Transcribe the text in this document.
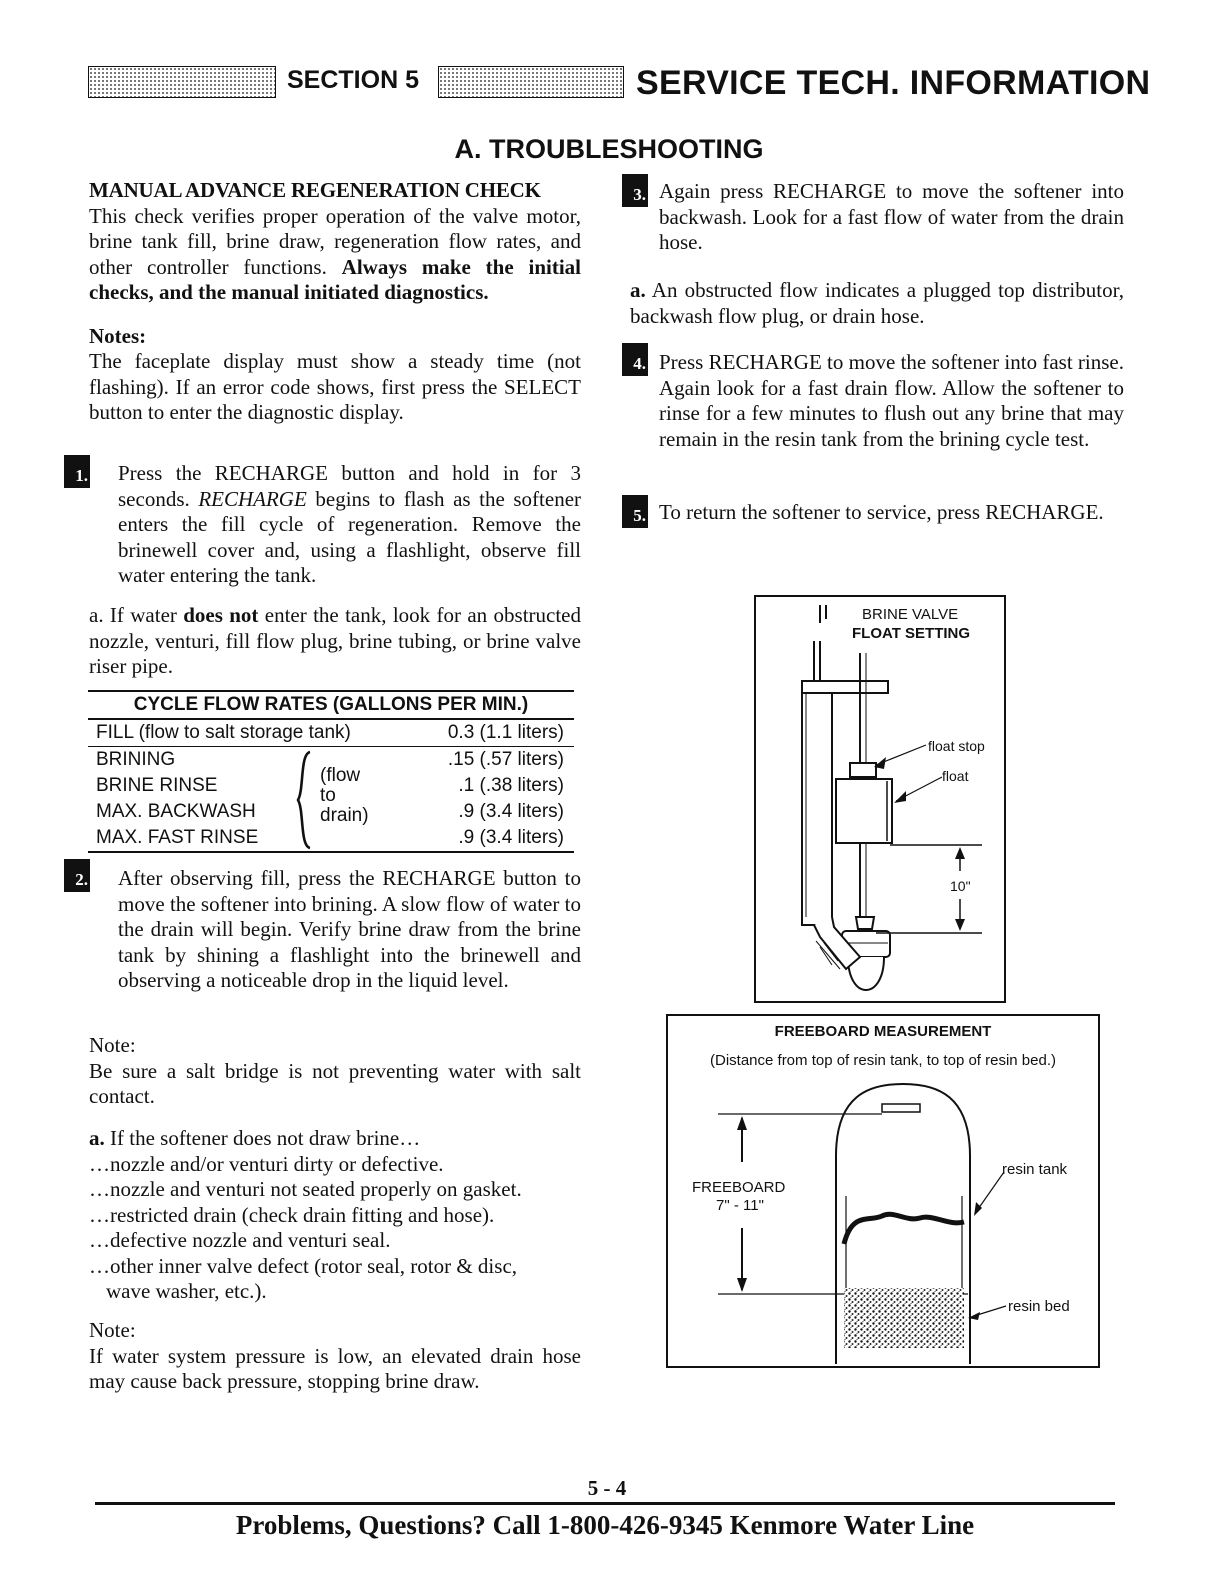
SECTION 5	SERVICE TECH. INFORMATION
A. TROUBLESHOOTING

MANUAL ADVANCE REGENERATION CHECK

This check verifies proper operation of the valve motor, brine tank fill, brine draw, regeneration flow rates, and other controller functions. Always make the initial checks, and the manual initiated diagnostics.

Notes:

The faceplate display must show a steady time (not flashing). If an error code shows, first press the SELECT button to enter the diagnostic display.

1. Press the RECHARGE button and hold in for 3 seconds. RECHARGE begins to flash as the softener enters the fill cycle of regeneration. Remove the brinewell cover and, using a flashlight, observe fill water entering the tank.

a. If water does not enter the tank, look for an obstructed nozzle, venturi, fill flow plug, brine tubing, or brine valve riser pipe.

CYCLE FLOW RATES (GALLONS PER MIN.)
FILL (flow to salt storage tank)	0.3 (1.1 liters)
BRINING	.15 (.57 liters)
BRINE RINSE	.1 (.38 liters)
MAX. BACKWASH	.9 (3.4 liters)
MAX. FAST RINSE	.9 (3.4 liters)
(flow
to
drain)
2. After observing fill, press the RECHARGE button to move the softener into brining. A slow flow of water to the drain will begin. Verify brine draw from the brine tank by shining a flashlight into the brinewell and observing a noticeable drop in the liquid level.

Note:

Be sure a salt bridge is not preventing water with salt contact.

a. If the softener does not draw brine…

…nozzle and/or venturi dirty or defective.

…nozzle and venturi not seated properly on gasket.

…restricted drain (check drain fitting and hose).

…defective nozzle and venturi seal.

…other inner valve defect (rotor seal, rotor & disc,

wave washer, etc.).

Note:

If water system pressure is low, an elevated drain hose may cause back pressure, stopping brine draw.

3. Again press RECHARGE to move the softener into backwash. Look for a fast flow of water from the drain hose.

a. An obstructed flow indicates a plugged top distributor, backwash flow plug, or drain hose.

4. Press RECHARGE to move the softener into fast rinse. Again look for a fast drain flow. Allow the softener to rinse for a few minutes to flush out any brine that may remain in the resin tank from the brining cycle test.
5. To return the softener to service, press RECHARGE.
BRINE VALVE
FLOAT SETTING
float stop
float
10"
FREEBOARD MEASUREMENT
(Distance from top of resin tank, to top of resin bed.)
FREEBOARD
7" - 11"
resin tank
resin bed
5 - 4
Problems, Questions? Call 1-800-426-9345 Kenmore Water Line
